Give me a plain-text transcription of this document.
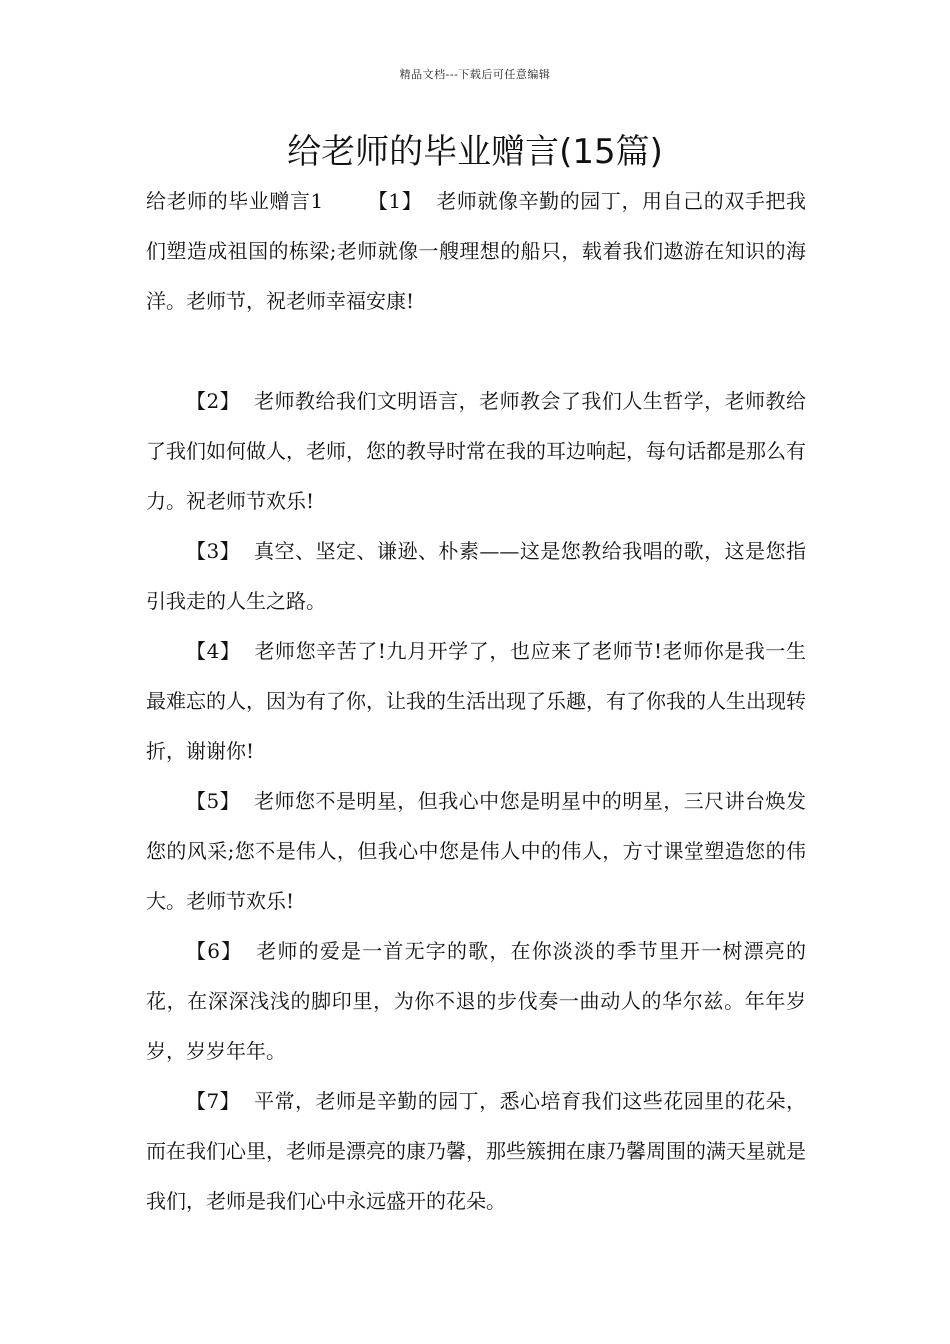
精品文档---下载后可任意编辑
给老师的毕业赠言(15篇)

给老师的毕业赠言1 【1】 老师就像辛勤的园丁，用自己的双手把我们塑造成祖国的栋梁;老师就像一艘理想的船只，载着我们遨游在知识的海洋。老师节，祝老师幸福安康!

【2】 老师教给我们文明语言，老师教会了我们人生哲学，老师教给了我们如何做人，老师，您的教导时常在我的耳边响起，每句话都是那么有力。祝老师节欢乐!

【3】 真空、坚定、谦逊、朴素——这是您教给我唱的歌，这是您指引我走的人生之路。

【4】 老师您辛苦了!九月开学了，也应来了老师节!老师你是我一生最难忘的人，因为有了你，让我的生活出现了乐趣，有了你我的人生出现转折，谢谢你!

【5】 老师您不是明星，但我心中您是明星中的明星，三尺讲台焕发您的风采;您不是伟人，但我心中您是伟人中的伟人，方寸课堂塑造您的伟大。老师节欢乐!

【6】 老师的爱是一首无字的歌，在你淡淡的季节里开一树漂亮的花，在深深浅浅的脚印里，为你不退的步伐奏一曲动人的华尔兹。年年岁岁，岁岁年年。

【7】 平常，老师是辛勤的园丁，悉心培育我们这些花园里的花朵，而在我们心里，老师是漂亮的康乃馨，那些簇拥在康乃馨周围的满天星就是我们，老师是我们心中永远盛开的花朵。
